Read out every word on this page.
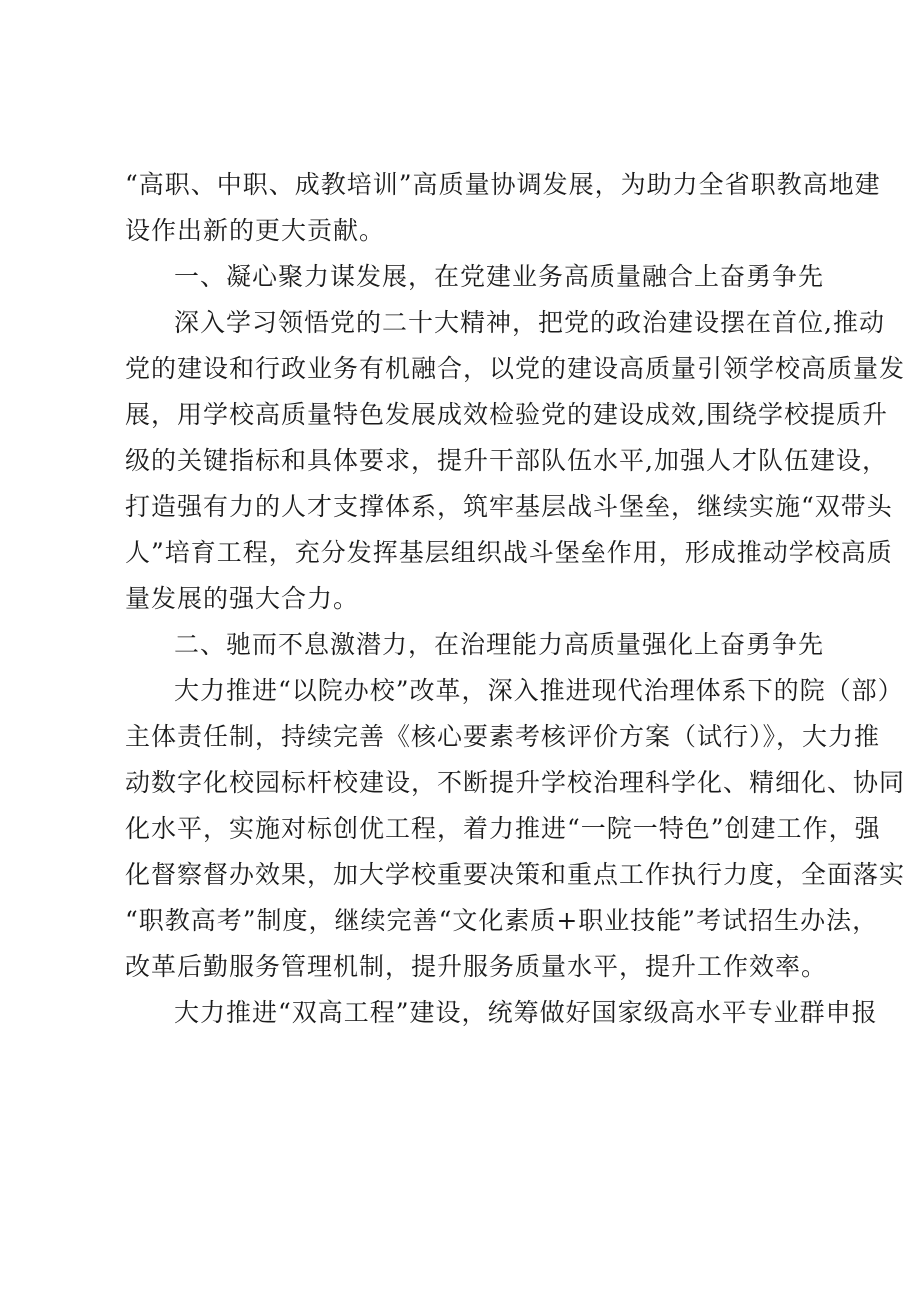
“高职、中职、成教培训”高质量协调发展，为助力全省职教高地建
设作出新的更大贡献。
一、凝心聚力谋发展，在党建业务高质量融合上奋勇争先
深入学习领悟党的二十大精神，把党的政治建设摆在首位,推动
党的建设和行政业务有机融合，以党的建设高质量引领学校高质量发
展，用学校高质量特色发展成效检验党的建设成效,围绕学校提质升
级的关键指标和具体要求，提升干部队伍水平,加强人才队伍建设，
打造强有力的人才支撑体系，筑牢基层战斗堡垒，继续实施“双带头
人”培育工程，充分发挥基层组织战斗堡垒作用，形成推动学校高质
量发展的强大合力。
二、驰而不息激潜力，在治理能力高质量强化上奋勇争先
大力推进“以院办校”改革，深入推进现代治理体系下的院（部）
主体责任制，持续完善《核心要素考核评价方案（试行）》，大力推
动数字化校园标杆校建设，不断提升学校治理科学化、精细化、协同
化水平，实施对标创优工程，着力推进“一院一特色”创建工作，强
化督察督办效果，加大学校重要决策和重点工作执行力度，全面落实
“职教高考”制度，继续完善“文化素质+职业技能”考试招生办法，
改革后勤服务管理机制，提升服务质量水平，提升工作效率。
大力推进“双高工程”建设，统筹做好国家级高水平专业群申报
